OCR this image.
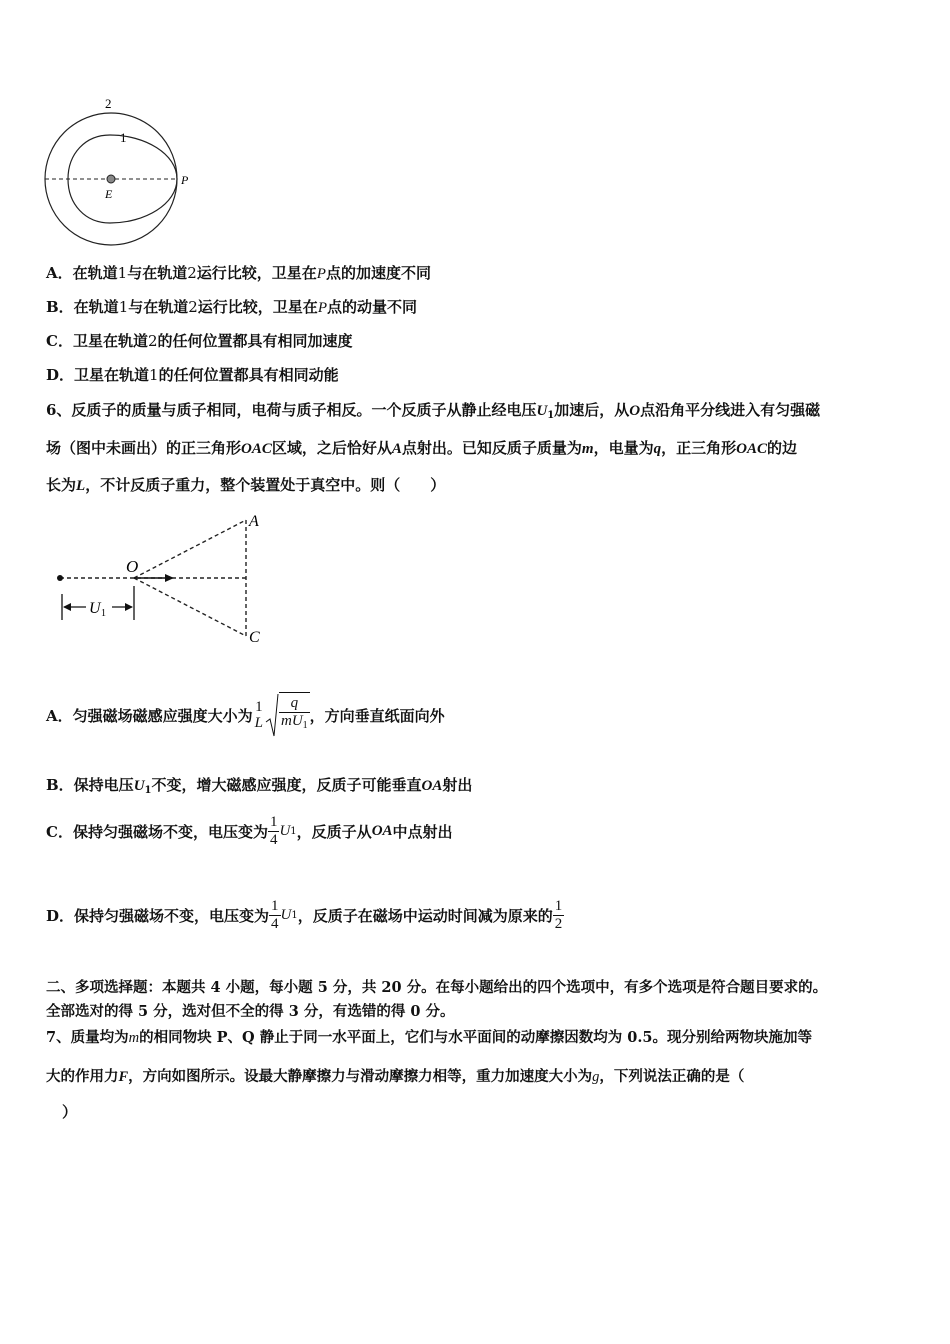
2
1
E
P
A．在轨道1与在轨道2运行比较，卫星在P点的加速度不同
B．在轨道1与在轨道2运行比较，卫星在P点的动量不同
C．卫星在轨道2的任何位置都具有相同加速度
D．卫星在轨道1的任何位置都具有相同动能
6、反质子的质量与质子相同，电荷与质子相反。一个反质子从静止经电压$U_1$加速后，从O点沿角平分线进入有匀强磁
场（图中未画出）的正三角形OAC区域，之后恰好从A点射出。已知反质子质量为m，电量为q，正三角形OAC的边
长为L，不计反质子重力，整个装置处于真空中。则（　　）
O
A
C
U 1
A．匀强磁场磁感应强度大小为 1
L $\frac{q}{mU_1}$ ，方向垂直纸面向外
B．保持电压$U_1$不变，增大磁感应强度，反质子可能垂直OA射出
C．保持匀强磁场不变，电压变为 $\frac{1}{4}$ U 1 ，反质子从 OA 中点射出
D．保持匀强磁场不变，电压变为 $\frac{1}{4}$ U 1 ，反质子在磁场中运动时间减为原来的 $\frac{1}{2}$
二、多项选择题：本题共 4 小题，每小题 5 分，共 20 分。在每小题给出的四个选项中，有多个选项是符合题目要求的。
全部选对的得 5 分，选对但不全的得 3 分，有选错的得 0 分。
7、质量均为m的相同物块 P、Q 静止于同一水平面上，它们与水平面间的动摩擦因数均为 0.5。现分别给两物块施加等
大的作用力F，方向如图所示。设最大静摩擦力与滑动摩擦力相等，重力加速度大小为g，下列说法正确的是（
）
